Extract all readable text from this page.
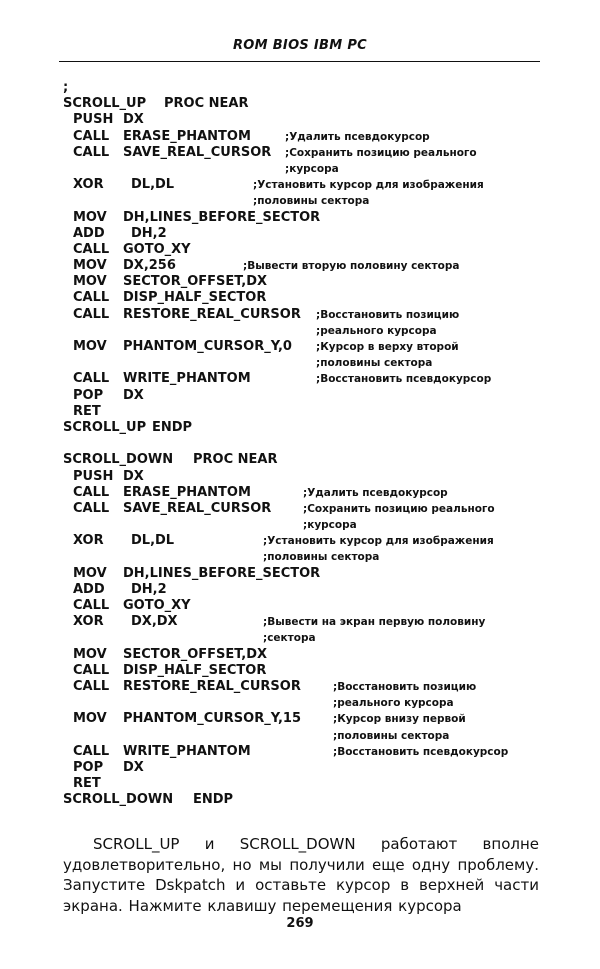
ROM BIOS IBM PC
;
SCROLL_UP PROC NEAR
PUSH DX
CALL ERASE_PHANTOM	;Удалить псевдокурсор
CALL SAVE_REAL_CURSOR ;Сохранить позицию реального
;курсора
XOR DL,DL	;Установить курсор для изображения
;половины сектора
MOV DH,LINES_BEFORE_SECTOR
ADD DH,2
CALL GOTO_XY
MOV DX,256	;Вывести вторую половину сектора
MOV SECTOR_OFFSET,DX
CALL DISP_HALF_SECTOR
CALL RESTORE_REAL_CURSOR ;Восстановить позицию
;реального курсора
MOV PHANTOM_CURSOR_Y,0 ;Курсор в верху второй
;половины сектора
CALL WRITE_PHANTOM	;Восстановить псевдокурсор
POP DX
RET
SCROLL_UP ENDP
SCROLL_DOWN PROC NEAR
PUSH DX
CALL ERASE_PHANTOM	;Удалить псевдокурсор
CALL SAVE_REAL_CURSOR	;Сохранить позицию реального
;курсора
XOR DL,DL	;Установить курсор для изображения
;половины сектора
MOV DH,LINES_BEFORE_SECTOR
ADD DH,2
CALL GOTO_XY
XOR DX,DX	;Вывести на экран первую половину
;сектора
MOV SECTOR_OFFSET,DX
CALL DISP_HALF_SECTOR
CALL RESTORE_REAL_CURSOR	;Восстановить позицию
;реального курсора
MOV PHANTOM_CURSOR_Y,15	;Курсор внизу первой
;половины сектора
CALL WRITE_PHANTOM	;Восстановить псевдокурсор
POP DX
RET
SCROLL_DOWN ENDP

SCROLL_UP и SCROLL_DOWN работают вполне удовлетворительно, но мы получили еще одну проблему. Запустите Dskpatch и оставьте курсор в верхней части экрана. Нажмите клавишу перемещения курсора

269
